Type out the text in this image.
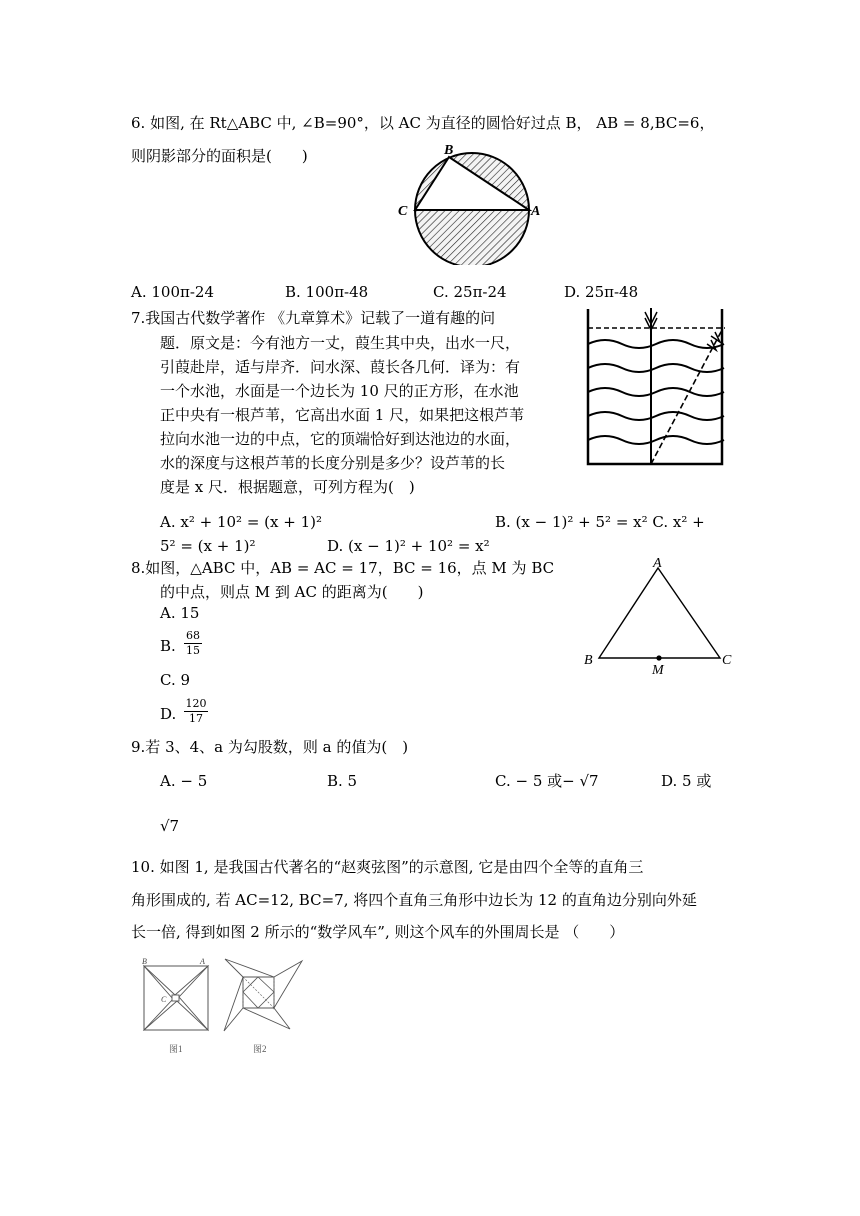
6. 如图, 在 Rt△ABC 中, ∠B=90°，以 AC 为直径的圆恰好过点 B， AB = 8,BC=6，
则阴影部分的面积是(　　)	B
C	A
A. 100π-24	B. 100π-48	C. 25π-24	D. 25π-48
7.我国古代数学著作 《九章算术》记载了一道有趣的问
题．原文是：今有池方一丈，葭生其中央，出水一尺，
引葭赴岸，适与岸齐．问水深、葭长各几何．译为：有
一个水池，水面是一个边长为 10 尺的正方形，在水池
正中央有一根芦苇，它高出水面 1 尺，如果把这根芦苇
拉向水池一边的中点，它的顶端恰好到达池边的水面，
水的深度与这根芦苇的长度分别是多少？设芦苇的长
度是 x 尺．根据题意，可列方程为(　)
A. x² + 10² = (x + 1)²	B. (x − 1)² + 5² = x² C. x² +
5² = (x + 1)²	D. (x − 1)² + 10² = x²
8.如图，△ABC 中，AB = AC = 17，BC = 16，点 M 为 BC
的中点，则点 M 到 AC 的距离为(　　)
A. 15
B. $\frac{68}{15}$
C. 9
D. $\frac{120}{17}$
A
B	C
M
9.若 3、4、a 为勾股数，则 a 的值为(　)
A. − 5	B. 5	C. − 5 或− √7	D. 5 或
√7
10. 如图 1, 是我国古代著名的“赵爽弦图”的示意图, 它是由四个全等的直角三
角形围成的, 若 AC=12, BC=7, 将四个直角三角形中边长为 12 的直角边分别向外延
长一倍, 得到如图 2 所示的“数学风车”, 则这个风车的外围周长是 （　　）
B	A
C
图1	图2
